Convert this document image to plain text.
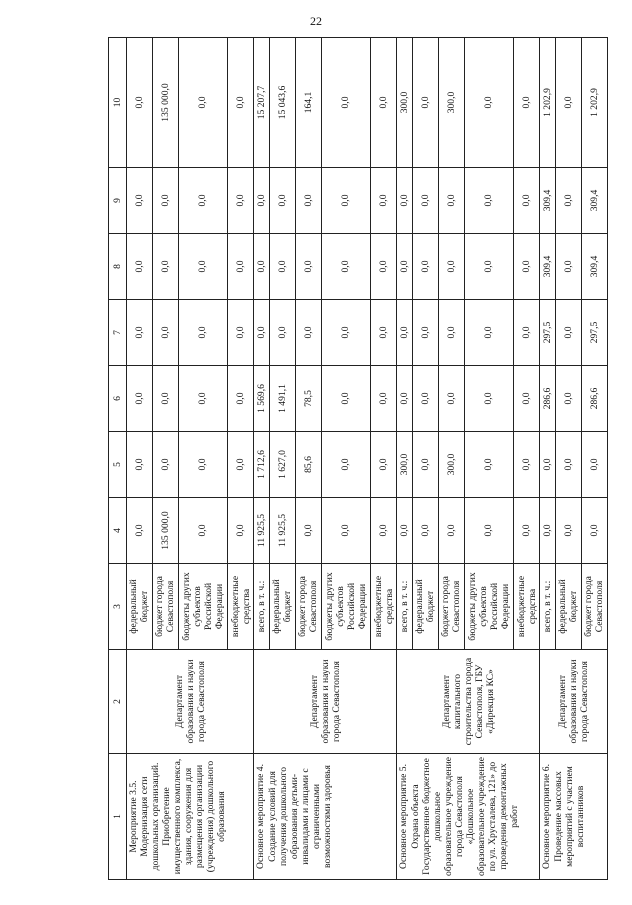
22
1	2	3	4	5	6	7	8	9	10
Мероприятие 3.5. Модернизация сети дошкольных организаций. Приобретение имущественного комплекса, здания, сооружения для размещения организации (учреждения) дошкольного образования	Департамент образования и науки города Севастополя	федеральный бюджет	0,0	0,0	0,0	0,0	0,0	0,0	0,0
		бюджет города Севастополя	135 000,0	0,0	0,0	0,0	0,0	0,0	135 000,0
		бюджеты других субъектов Российской Федерации	0,0	0,0	0,0	0,0	0,0	0,0	0,0
		внебюджетные средства	0,0	0,0	0,0	0,0	0,0	0,0	0,0
Основное мероприятие 4. Создание условий для получения дошкольного образования детьми-инвалидами и лицами с ограниченными возможностями здоровья	Департамент образования и науки города Севастополя	всего, в т. ч.:	11 925,5	1 712,6	1 569,6	0,0	0,0	0,0	15 207,7
		федеральный бюджет	11 925,5	1 627,0	1 491,1	0,0	0,0	0,0	15 043,6
		бюджет города Севастополя	0,0	85,6	78,5	0,0	0,0	0,0	164,1
		бюджеты других субъектов Российской Федерации	0,0	0,0	0,0	0,0	0,0	0,0	0,0
		внебюджетные средства	0,0	0,0	0,0	0,0	0,0	0,0	0,0
Основное мероприятие 5. Охрана объекта Государственное бюджетное дошкольное образовательное учреждение города Севастополя «Дошкольное образовательное учреждение по ул. Хрусталева, 121» до проведения демонтажных работ	Департамент капитального строительства города Севастополя, ГБУ «Дирекция КС»	всего, в т. ч.:	0,0	300,0	0,0	0,0	0,0	0,0	300,0
		федеральный бюджет	0,0	0,0	0,0	0,0	0,0	0,0	0,0
		бюджет города Севастополя	0,0	300,0	0,0	0,0	0,0	0,0	300,0
		бюджеты других субъектов Российской Федерации	0,0	0,0	0,0	0,0	0,0	0,0	0,0
		внебюджетные средства	0,0	0,0	0,0	0,0	0,0	0,0	0,0
Основное мероприятие 6. Проведение массовых мероприятий с участием воспитанников	Департамент образования и науки города Севастополя	всего, в т. ч.:	0,0	0,0	286,6	297,5	309,4	309,4	1 202,9
		федеральный бюджет	0,0	0,0	0,0	0,0	0,0	0,0	0,0
		бюджет города Севастополя	0,0	0,0	286,6	297,5	309,4	309,4	1 202,9
